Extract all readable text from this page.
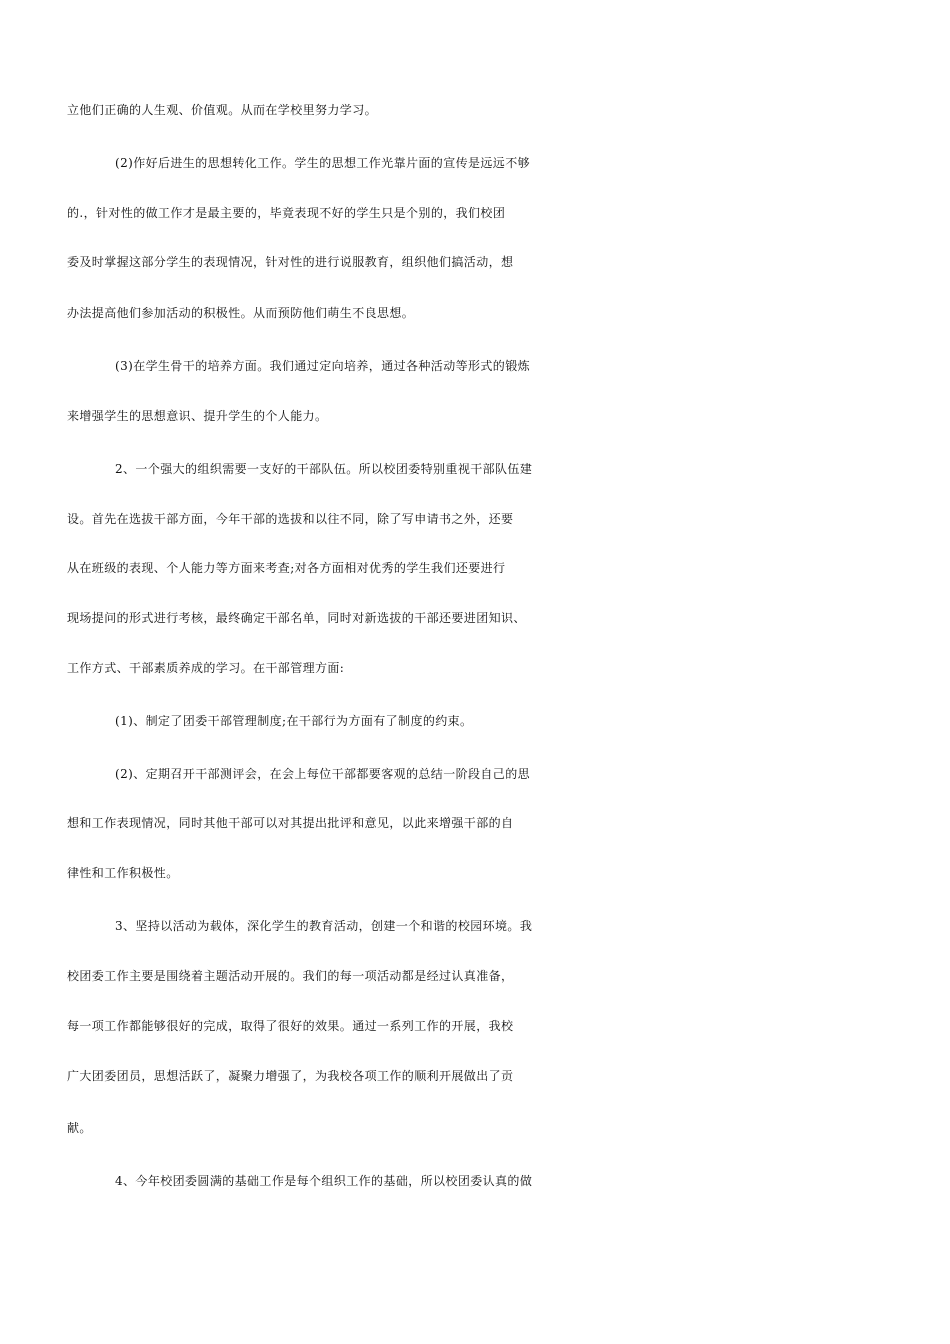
立他们正确的人生观、价值观。从而在学校里努力学习。
(2)作好后进生的思想转化工作。学生的思想工作光靠片面的宣传是远远不够
的.，针对性的做工作才是最主要的，毕竟表现不好的学生只是个别的，我们校团
委及时掌握这部分学生的表现情况，针对性的进行说服教育，组织他们搞活动，想
办法提高他们参加活动的积极性。从而预防他们萌生不良思想。
(3)在学生骨干的培养方面。我们通过定向培养，通过各种活动等形式的锻炼
来增强学生的思想意识、提升学生的个人能力。
2、一个强大的组织需要一支好的干部队伍。所以校团委特别重视干部队伍建
设。首先在选拔干部方面，今年干部的选拔和以往不同，除了写申请书之外，还要
从在班级的表现、个人能力等方面来考查;对各方面相对优秀的学生我们还要进行
现场提问的形式进行考核，最终确定干部名单，同时对新选拔的干部还要进团知识、
工作方式、干部素质养成的学习。在干部管理方面:
(1)、制定了团委干部管理制度;在干部行为方面有了制度的约束。
(2)、定期召开干部测评会，在会上每位干部都要客观的总结一阶段自己的思
想和工作表现情况，同时其他干部可以对其提出批评和意见，以此来增强干部的自
律性和工作积极性。
3、坚持以活动为载体，深化学生的教育活动，创建一个和谐的校园环境。我
校团委工作主要是围绕着主题活动开展的。我们的每一项活动都是经过认真准备，
每一项工作都能够很好的完成，取得了很好的效果。通过一系列工作的开展，我校
广大团委团员，思想活跃了，凝聚力增强了，为我校各项工作的顺利开展做出了贡
献。
4、今年校团委圆满的基础工作是每个组织工作的基础，所以校团委认真的做
